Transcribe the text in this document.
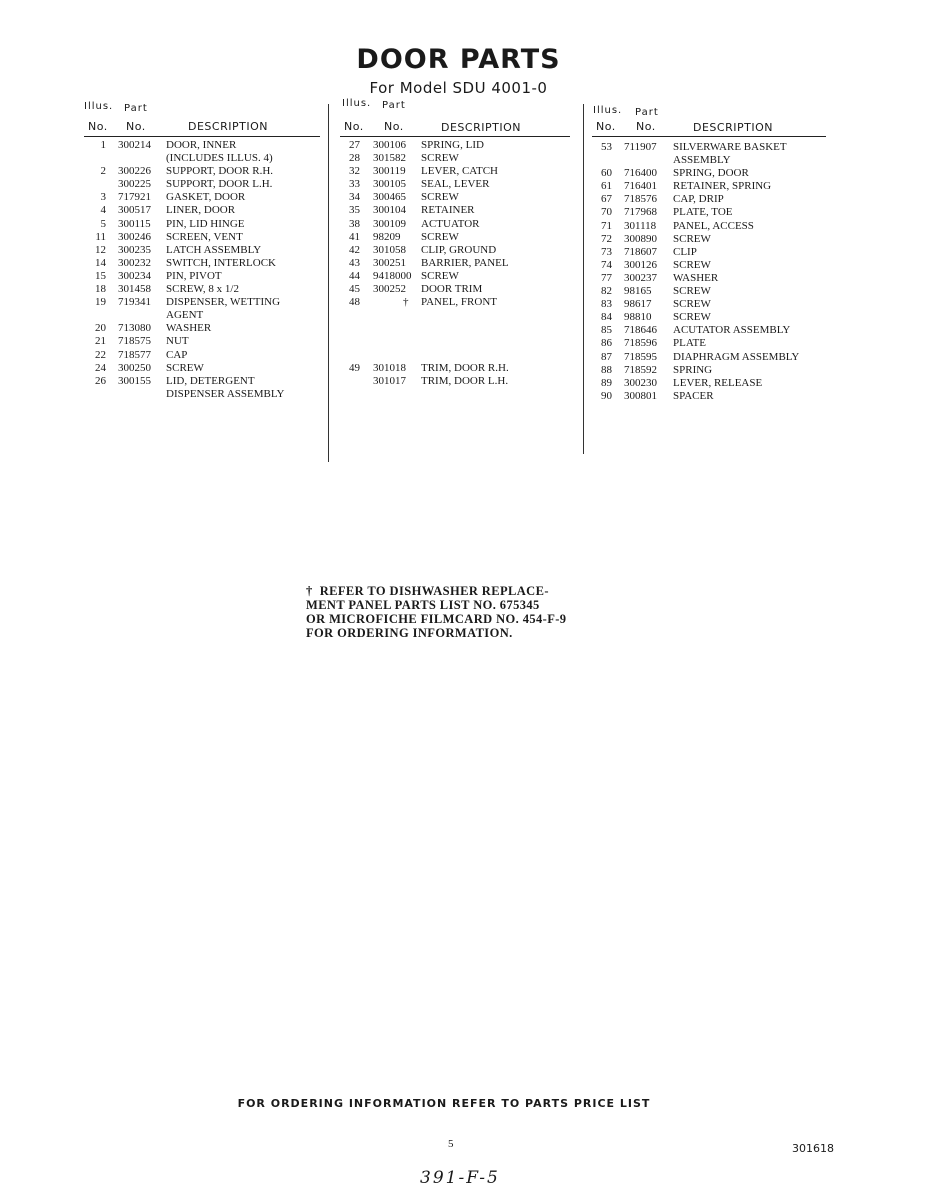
DOOR PARTS
For Model SDU 4001-0
Illus. Part
No. No.	DESCRIPTION
1 300214 DOOR, INNER
(INCLUDES ILLUS. 4)
2 300226 SUPPORT, DOOR R.H.
300225 SUPPORT, DOOR L.H.
3 717921 GASKET, DOOR
4 300517 LINER, DOOR
5 300115 PIN, LID HINGE
11 300246 SCREEN, VENT
12 300235 LATCH ASSEMBLY
14 300232 SWITCH, INTERLOCK
15 300234 PIN, PIVOT
18 301458 SCREW, 8 x 1/2
19 719341 DISPENSER, WETTING
AGENT
20 713080 WASHER
21 718575 NUT
22 718577 CAP
24 300250 SCREW
26 300155 LID, DETERGENT
DISPENSER ASSEMBLY
Illus. Part
No. No.	DESCRIPTION
27 300106 SPRING, LID
28 301582 SCREW
32 300119 LEVER, CATCH
33 300105 SEAL, LEVER
34 300465 SCREW
35 300104 RETAINER
38 300109 ACTUATOR
41 98209 SCREW
42 301058 CLIP, GROUND
43 300251 BARRIER, PANEL
44 9418000 SCREW
45 300252 DOOR TRIM
48	† PANEL, FRONT
49 301018 TRIM, DOOR R.H.
301017 TRIM, DOOR L.H.
Illus. Part
No. No.	DESCRIPTION
53 711907 SILVERWARE BASKET
ASSEMBLY
60 716400 SPRING, DOOR
61 716401 RETAINER, SPRING
67 718576 CAP, DRIP
70 717968 PLATE, TOE
71 301118 PANEL, ACCESS
72 300890 SCREW
73 718607 CLIP
74 300126 SCREW
77 300237 WASHER
82 98165 SCREW
83 98617 SCREW
84 98810 SCREW
85 718646 ACUTATOR ASSEMBLY
86 718596 PLATE
87 718595 DIAPHRAGM ASSEMBLY
88 718592 SPRING
89 300230 LEVER, RELEASE
90 300801 SPACER
†  REFER TO DISHWASHER REPLACE-
MENT PANEL PARTS LIST NO. 675345
OR MICROFICHE FILMCARD NO. 454-F-9
FOR ORDERING INFORMATION.
FOR ORDERING INFORMATION REFER TO PARTS PRICE LIST
5	301618
391-F-5
